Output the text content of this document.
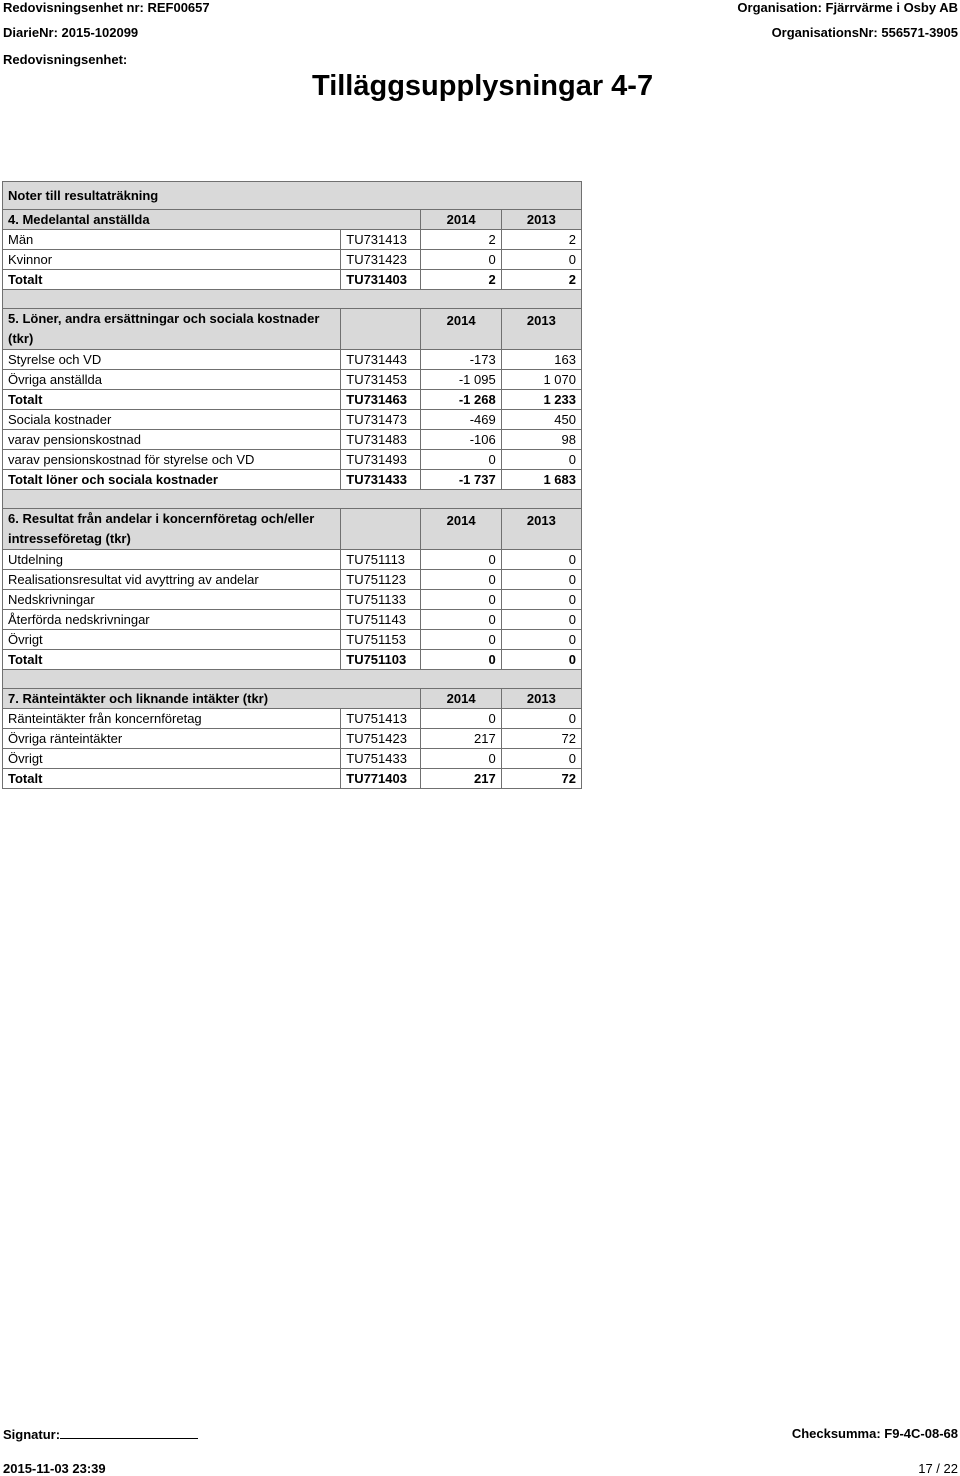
Redovisningsenhet nr: REF00657
DiarieNr: 2015-102099
Redovisningsenhet:
Organisation: Fjärrvärme i Osby AB
OrganisationsNr: 556571-3905
Tilläggsupplysningar 4-7
Noter till resultaträkning			
4. Medelantal anställda		2014	2013
Män	TU731413	2	2
Kvinnor	TU731423	0	0
Totalt	TU731403	2	2

5. Löner, andra ersättningar och sociala kostnader (tkr)		2014	2013
Styrelse och VD	TU731443	-173	163
Övriga anställda	TU731453	-1 095	1 070
Totalt	TU731463	-1 268	1 233
Sociala kostnader	TU731473	-469	450
varav pensionskostnad	TU731483	-106	98
varav pensionskostnad för styrelse och VD	TU731493	0	0
Totalt löner och sociala kostnader	TU731433	-1 737	1 683

6. Resultat från andelar i koncernföretag och/eller intresseföretag (tkr)		2014	2013
Utdelning	TU751113	0	0
Realisationsresultat vid avyttring av andelar	TU751123	0	0
Nedskrivningar	TU751133	0	0
Återförda nedskrivningar	TU751143	0	0
Övrigt	TU751153	0	0
Totalt	TU751103	0	0

7. Ränteintäkter och liknande intäkter (tkr)		2014	2013
Ränteintäkter från koncernföretag	TU751413	0	0
Övriga ränteintäkter	TU751423	217	72
Övrigt	TU751433	0	0
Totalt	TU771403	217	72
Signatur:	Checksumma: F9-4C-08-68
2015-11-03 23:39	17 / 22
